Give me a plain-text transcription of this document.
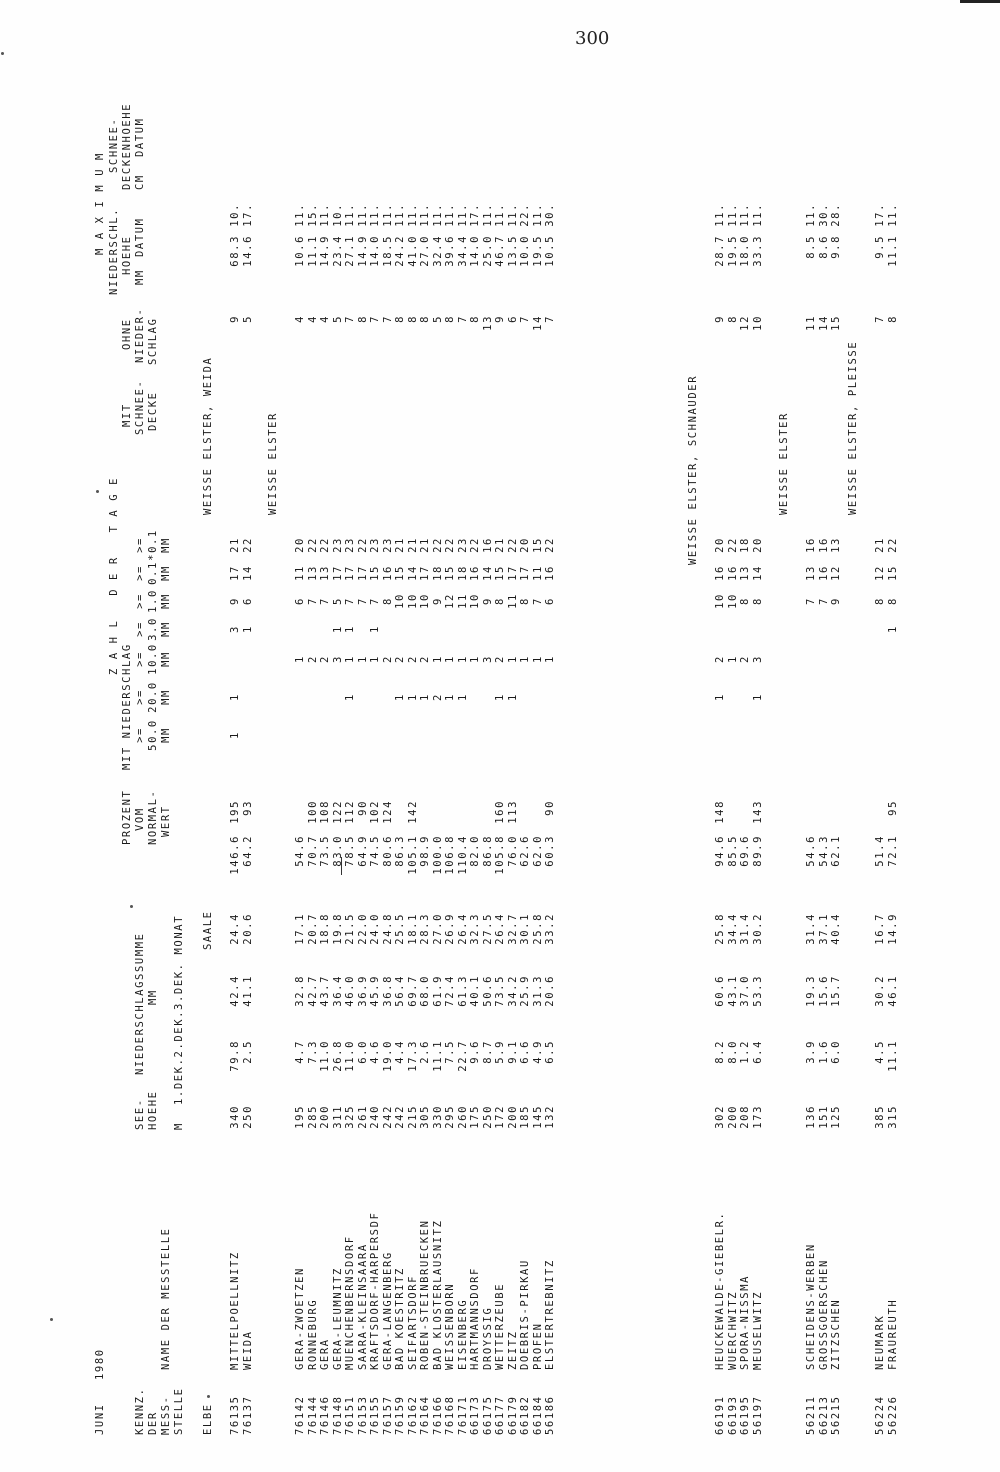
300
JUNI
1980
KENNZ. DER MESS- STELLE
NAME DER MESSTELLE
SEE- HOEHE M
NIEDERSCHLAGSSUMME MM 1.DEK.2.DEK.3.DEK. MONAT
PROZENT VOM NORMAL- WERT
Z A H L   D E R   T A G E
MIT NIEDERSCHLAG
MIT SCHNEE- DECKE
OHNE NIEDER- SCHLAG
M A X I M U M NIEDERSCHL.
SCHNEE-
HOEHE
DECKENHOEHE
MM
DATUM
CM
DATUM
>= 50.0 MM
>= 20.0 MM
>= 10.0 MM
>= 3.0 MM
>= 1.0 MM
>= 0.1 MM
>= *0.1 MM
ELBE
SAALE
WEISSE ELSTER, WEIDA
76135
MITTELPOELLNITZ
340
79.8
42.4
24.4
146.6
195
1
1
3
9
17
21
9
68.3
10.
76137
WEIDA
250
2.5
41.1
20.6
64.2
93
1
6
14
22
5
14.6
17.
WEISSE ELSTER
76142
GERA-ZWOETZEN
195
4.7
32.8
17.1
54.6
1
6
11
20
4
10.6
11.
76144
RONNEBURG
285
7.3
42.7
20.7
70.7
100
2
7
13
22
4
11.1
15.
76146
GERA
200
11.0
43.7
18.8
73.5
108
2
7
13
22
4
14.9
11.
76148
GERA-LEUMNITZ
311
26.8
36.4
19.8
83.0
122
3
1
5
17
23
5
23.4
10.
76151
MUENCHENBERNSDORF
325
11.0
46.0
21.5
78.5
112
1
1
1
7
17
23
7
27.1
11.
76153
SAARA-KLEINSAARA
261
6.0
36.9
22.0
64.9
90
1
7
17
22
8
14.9
11.
76155
KRAFTSDORF-HARPERSDF
240
4.6
45.9
24.0
74.5
102
1
1
7
15
23
7
14.0
11.
76157
GERA-LANGENBERG
242
19.0
36.8
24.8
80.6
124
2
8
16
23
7
18.5
11.
76159
BAD KOESTRITZ
242
4.4
56.4
25.5
86.3
1
2
10
15
21
8
24.2
11.
76162
SEIFARTSDORF
215
17.3
69.7
18.1
105.1
142
1
2
10
14
21
8
41.0
11.
76164
ROBEN-STEINBRUECKEN
305
2.6
68.0
28.3
98.9
1
2
10
17
21
8
27.0
11.
76166
BAD KLOSTERLAUSNITZ
330
11.1
61.9
27.0
100.0
2
1
9
18
22
5
32.4
11.
76168
WEISSENBORN
295
7.5
72.4
26.9
106.8
1
1
12
15
22
8
39.6
11.
76171
EISENBERG
260
22.7
61.3
26.4
110.4
1
1
11
18
23
7
34.4
11.
66173
HARTMANNSDORF
175
9.6
40.1
32.3
82.0
1
10
16
22
8
14.0
17.
66175
DROYSSIG
250
8.7
50.6
27.5
86.8
3
9
14
16
13
25.0
11.
66177
WETTERZEUBE
172
5.9
73.5
26.4
105.8
160
1
2
8
15
21
9
46.7
11.
66179
ZEITZ
200
9.1
34.2
32.7
76.0
113
1
1
11
17
22
6
13.5
11.
66182
DOEBRIS-PIRKAU
185
6.6
25.9
30.1
62.6
1
8
17
20
7
10.0
22.
66184
PROFEN
145
4.9
31.3
25.8
62.0
1
7
11
15
14
19.5
11.
56186
ELSTERTREBNITZ
132
6.5
20.6
33.2
60.3
90
1
6
16
22
7
10.5
30.
WEISSE ELSTER, SCHNAUDER
66191
HEUCKEWALDE-GIEBELR.
302
8.2
60.6
25.8
94.6
148
1
2
10
16
20
9
28.7
11.
66193
WUERCHWITZ
200
8.0
43.1
34.4
85.5
1
10
16
22
8
19.5
11.
66195
SPORA-NISSMA
208
1.2
37.0
31.4
69.6
2
8
13
18
12
18.0
11.
56197
MEUSELWITZ
173
6.4
53.3
30.2
89.9
143
1
3
8
14
20
10
33.3
11.
WEISSE ELSTER
56211
SCHEIDENS-WERBEN
136
3.9
19.3
31.4
54.6
7
13
16
11
8.5
11.
66213
GROSSGOERSCHEN
151
1.6
15.6
37.1
54.3
7
16
16
14
8.6
30.
56215
ZITZSCHEN
125
6.0
15.7
40.4
62.1
9
12
13
15
9.8
28.
WEISSE ELSTER, PLEISSE
56224
NEUMARK
385
4.5
30.2
16.7
51.4
8
12
21
7
9.5
17.
56226
FRAUREUTH
315
11.1
46.1
14.9
72.1
95
1
8
15
22
8
11.1
11.
